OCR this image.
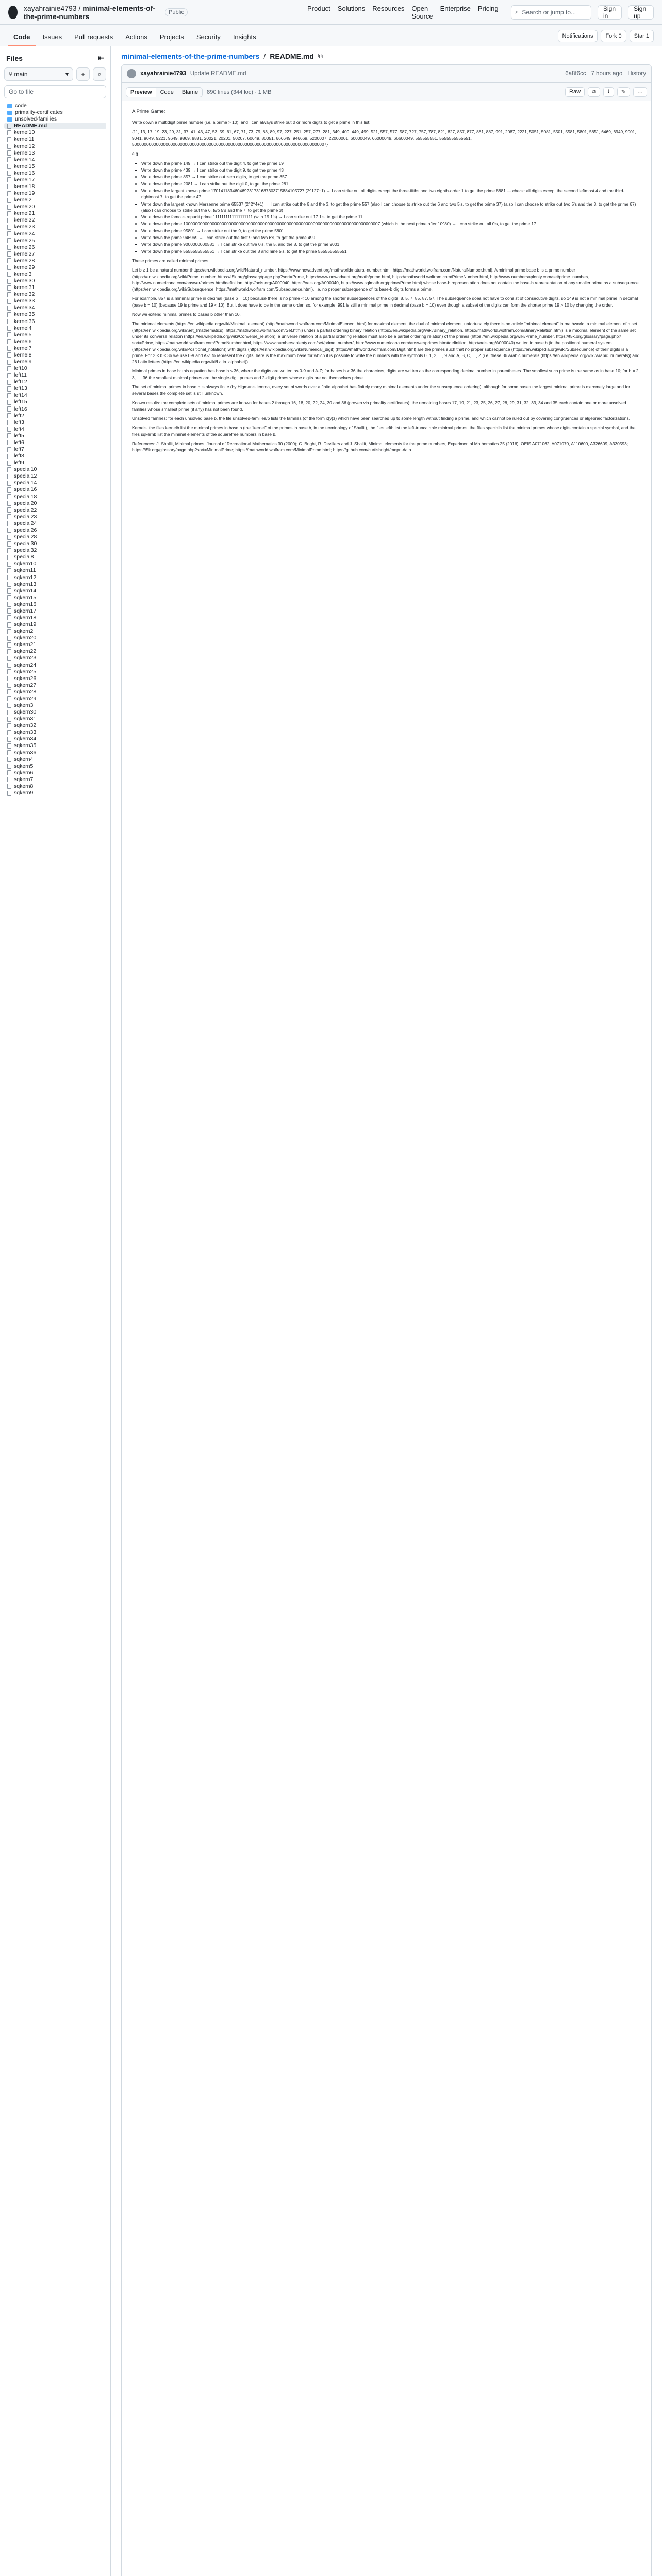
xayahrainie4793 / minimal-elements-of-the-prime-numbers	Public	Product Solutions Resources Open Source
Enterprise Pricing	⌕ Search or jump to...	Sign in
Sign up
Code	Issues	Pull requests	Actions	Projects	Security	Insights	Notifications	Fork 0	Star 1
Files	⇤
⑂ main	▾	+	⌕
Go to file
code
primality-certificates
unsolved-families
README.md
kernel10
kernel11
kernel12
kernel13
kernel14
kernel15
kernel16
kernel17
kernel18
kernel19
kernel2
kernel20
kernel21
kernel22
kernel23
kernel24
kernel25
kernel26
kernel27
kernel28
kernel29
kernel3
kernel30
kernel31
kernel32
kernel33
kernel34
kernel35
kernel36
kernel4
kernel5
kernel6
kernel7
kernel8
kernel9
left10
left11
left12
left13
left14
left15
left16
left2
left3
left4
left5
left6
left7
left8
left9
special10
special12
special14
special16
special18
special20
special22
special23
special24
special26
special28
special30
special32
special8
sqkern10
sqkern11
sqkern12
sqkern13
sqkern14
sqkern15
sqkern16
sqkern17
sqkern18
sqkern19
sqkern2
sqkern20
sqkern21
sqkern22
sqkern23
sqkern24
sqkern25
sqkern26
sqkern27
sqkern28
sqkern29
sqkern3
sqkern30
sqkern31
sqkern32
sqkern33
sqkern34
sqkern35
sqkern36
sqkern4
sqkern5
sqkern6
sqkern7
sqkern8
sqkern9
minimal-elements-of-the-prime-numbers / README.md ⧉
xayahrainie4793 Update README.md	6a8f6cc 7 hours ago History
Preview	Code	Blame	890 lines (344 loc) · 1 MB	Raw	⧉	⤓	✎	⋯

A Prime Game:

Write down a multidigit prime number (i.e. a prime > 10), and I can always strike out 0 or more digits to get a prime in this list:

{11, 13, 17, 19, 23, 29, 31, 37, 41, 43, 47, 53, 59, 61, 67, 71, 73, 79, 83, 89, 97, 227, 251, 257, 277, 281, 349, 409, 449, 499, 521, 557, 577, 587, 727, 757, 787, 821, 827, 857, 877, 881, 887, 991, 2087, 2221, 5051, 5081, 5501, 5581, 5801, 5851, 6469, 6949, 9001, 9041, 9049, 9221, 9649, 9869, 9881, 20021, 20201, 50207, 60649, 80051, 666649, 946669, 5200007, 22000001, 60000049, 66000049, 66600049, 555555551, 5555555555551, 500000000000000000000000000000000000000000000000000000000000000000000000000000007}

e.g.

• Write down the prime 149 → I can strike out the digit 4, to get the prime 19
• Write down the prime 439 → I can strike out the digit 9, to get the prime 43
• Write down the prime 857 → I can strike out zero digits, to get the prime 857
• Write down the prime 2081 → I can strike out the digit 0, to get the prime 281
• Write down the largest known prime 170141183460469231731687303715884105727 (2^127−1) → I can strike out all digits except the three-fifths and two eighth-order 1 to get the prime 8881 — check: all digits except the second leftmost 4 and the third-rightmost 7, to get the prime 47
• Write down the largest known Mersenne prime 65537 (2^2^4+1) → I can strike out the 6 and the 3, to get the prime 557 (also I can choose to strike out the 6 and two 5's, to get the prime 37) (also I can choose to strike out two 5's and the 3, to get the prime 67) (also I can choose to strike out the 6, two 5's and the 7, to get the prime 3)
• Write down the famous repunit prime 1111111111111111111 (with 19 1's) → I can strike out 17 1's, to get the prime 11
• Write down the prime 1000000000000000000000000000000000000000000000000000000000000000000000000000000007 (which is the next prime after 10^80) → I can strike out all 0's, to get the prime 17
• Write down the prime 95801 → I can strike out the 9, to get the prime 5801
• Write down the prime 946969 → I can strike out the first 9 and two 6's, to get the prime 499
• Write down the prime 9000000000581 → I can strike out five 0's, the 5, and the 8, to get the prime 9001
• Write down the prime 5555555555551 → I can strike out the 8 and nine 5's, to get the prime 555555555551

These primes are called minimal primes.

Let b ≥ 1 be a natural number (https://en.wikipedia.org/wiki/Natural_number, https://www.newadvent.org/mathworld/natural-number.html, https://mathworld.wolfram.com/NaturalNumber.html). A minimal prime base b is a prime number (https://en.wikipedia.org/wiki/Prime_number, https://t5k.org/glossary/page.php?sort=Prime, https://www.newadvent.org/math/prime.html, https://mathworld.wolfram.com/PrimeNumber.html, http://www.numbersaplenty.com/set/prime_number/, http://www.numericana.com/answer/primes.htm#definition, http://oeis.org/A000040, https://oeis.org/A000040, https://www.sqlmath.org/prime/Prime.html) whose base-b representation does not contain the base-b representation of any smaller prime as a subsequence (https://en.wikipedia.org/wiki/Subsequence, https://mathworld.wolfram.com/Subsequence.html), i.e. no proper subsequence of its base-b digits forms a prime.

For example, 857 is a minimal prime in decimal (base b = 10) because there is no prime < 10 among the shorter subsequences of the digits: 8, 5, 7, 85, 87, 57. The subsequence does not have to consist of consecutive digits, so 149 is not a minimal prime in decimal (base b = 10) (because 19 is prime and 19 < 10). But it does have to be in the same order; so, for example, 991 is still a minimal prime in decimal (base b = 10) even though a subset of the digits can form the shorter prime 19 > 10 by changing the order.

Now we extend minimal primes to bases b other than 10.

The minimal elements (https://en.wikipedia.org/wiki/Minimal_element) (http://mathworld.wolfram.com/MinimalElement.html) for maximal element, the dual of minimal element, unfortunately there is no article “minimal element” in mathworld, a minimal element of a set (https://en.wikipedia.org/wiki/Set_(mathematics), https://mathworld.wolfram.com/Set.html) under a partial ordering binary relation (https://en.wikipedia.org/wiki/Binary_relation, https://mathworld.wolfram.com/BinaryRelation.html) is a maximal element of the same set under its converse relation (https://en.wikipedia.org/wiki/Converse_relation), a universe relation of a partial ordering relation must also be a partial ordering relation) of the primes (https://en.wikipedia.org/wiki/Prime_number, https://t5k.org/glossary/page.php?sort=Prime, https://mathworld.wolfram.com/PrimeNumber.html, https://www.numbersaplenty.com/set/prime_number/, http://www.numericana.com/answer/primes.htm#definition, http://oeis.org/A000040) written in base b (in the positional numeral system (https://en.wikipedia.org/wiki/Positional_notation)) with digits (https://en.wikipedia.org/wiki/Numerical_digit) (https://mathworld.wolfram.com/Digit.html) are the primes such that no proper subsequence (https://en.wikipedia.org/wiki/Subsequence) of their digits is a prime. For 2 ≤ b ≤ 36 we use 0-9 and A-Z to represent the digits, here is the maximum base for which it is possible to write the numbers with the symbols 0, 1, 2, ..., 9 and A, B, C, ..., Z (i.e. these 36 Arabic numerals (https://en.wikipedia.org/wiki/Arabic_numerals)) and 26 Latin letters (https://en.wikipedia.org/wiki/Latin_alphabet)).

Minimal primes in base b: this equation has base b ≤ 36, where the digits are written as 0-9 and A-Z; for bases b > 36 the characters, digits are written as the corresponding decimal number in parentheses. The smallest such prime is the same as in base 10; for b = 2, 3, ..., 36 the smallest minimal primes are the single-digit primes and 2-digit primes whose digits are not themselves prime.

The set of minimal primes in base b is always finite (by Higman's lemma, every set of words over a finite alphabet has finitely many minimal elements under the subsequence ordering), although for some bases the largest minimal prime is extremely large and for several bases the complete set is still unknown.

Known results: the complete sets of minimal primes are known for bases 2 through 16, 18, 20, 22, 24, 30 and 36 (proven via primality certificates); the remaining bases 17, 19, 21, 23, 25, 26, 27, 28, 29, 31, 32, 33, 34 and 35 each contain one or more unsolved families whose smallest prime (if any) has not been found.

Unsolved families: for each unsolved base b, the file unsolved-families/b lists the families (of the form x{y}z) which have been searched up to some length without finding a prime, and which cannot be ruled out by covering congruences or algebraic factorizations.

Kernels: the files kernelb list the minimal primes in base b (the “kernel” of the primes in base b, in the terminology of Shallit), the files leftb list the left-truncatable minimal primes, the files specialb list the minimal primes whose digits contain a special symbol, and the files sqkernb list the minimal elements of the squarefree numbers in base b.

References: J. Shallit, Minimal primes, Journal of Recreational Mathematics 30 (2000); C. Bright, R. Devillers and J. Shallit, Minimal elements for the prime numbers, Experimental Mathematics 25 (2016); OEIS A071062, A071070, A110600, A326609, A330593; https://t5k.org/glossary/page.php?sort=MinimalPrime; https://mathworld.wolfram.com/MinimalPrime.html; https://github.com/curtisbright/mepn-data.
